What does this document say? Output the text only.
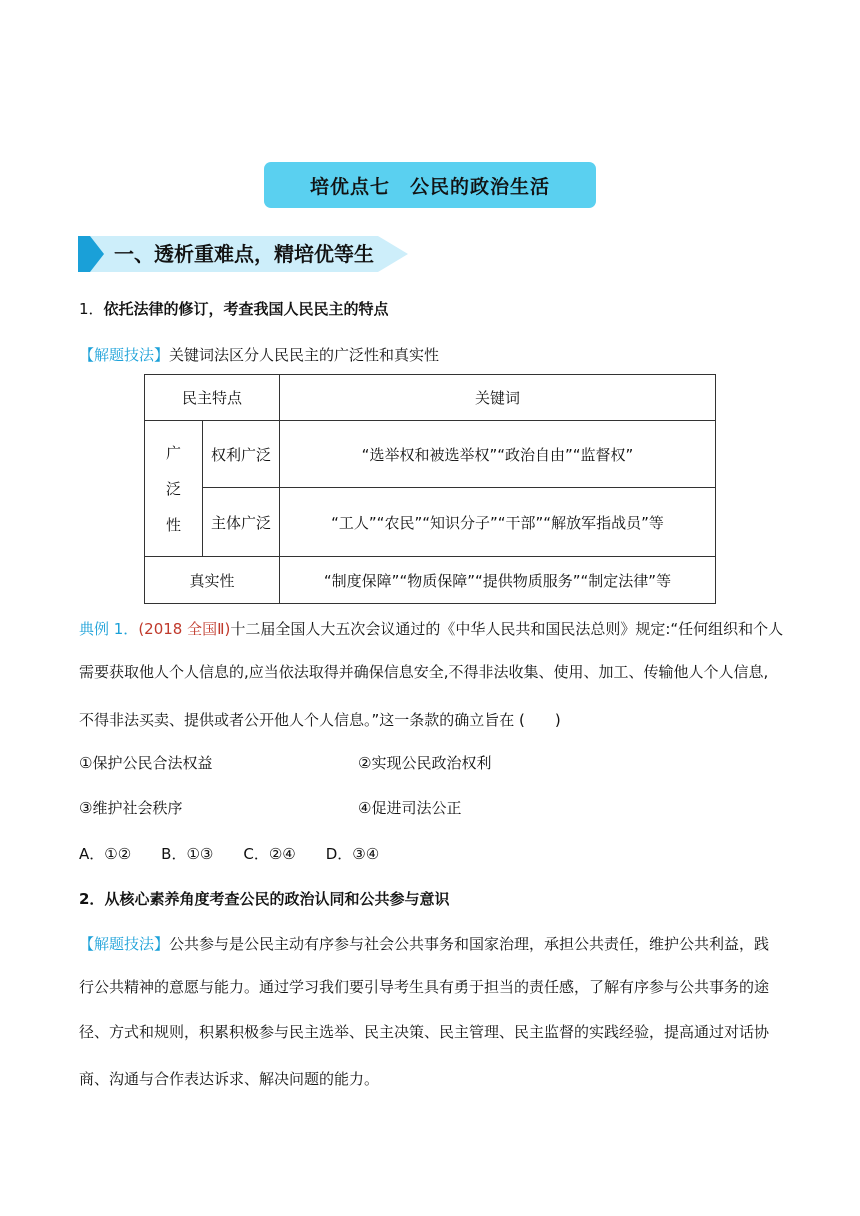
培优点七　公民的政治生活
一、透析重难点，精培优等生
1．依托法律的修订，考查我国人民民主的特点
【解题技法】关键词法区分人民民主的广泛性和真实性
民主特点		关键词

广
泛
性	权利广泛	“选举权和被选举权”“政治自由”“监督权”
	主体广泛	“工人”“农民”“知识分子”“干部”“解放军指战员”等
真实性		“制度保障”“物质保障”“提供物质服务”“制定法律”等
典例 1．(2018 全国Ⅱ)十二届全国人大五次会议通过的《中华人民共和国民法总则》规定:“任何组织和个人
需要获取他人个人信息的,应当依法取得并确保信息安全,不得非法收集、使用、加工、传输他人个人信息,
不得非法买卖、提供或者公开他人个人信息。”这一条款的确立旨在 (　　)
①保护公民合法权益	②实现公民政治权利
③维护社会秩序	④促进司法公正
A．①②　　B．①③　　C．②④　　D．③④
2．从核心素养角度考查公民的政治认同和公共参与意识
【解题技法】公共参与是公民主动有序参与社会公共事务和国家治理，承担公共责任，维护公共利益，践
行公共精神的意愿与能力。通过学习我们要引导考生具有勇于担当的责任感，了解有序参与公共事务的途
径、方式和规则，积累积极参与民主选举、民主决策、民主管理、民主监督的实践经验，提高通过对话协
商、沟通与合作表达诉求、解决问题的能力。
